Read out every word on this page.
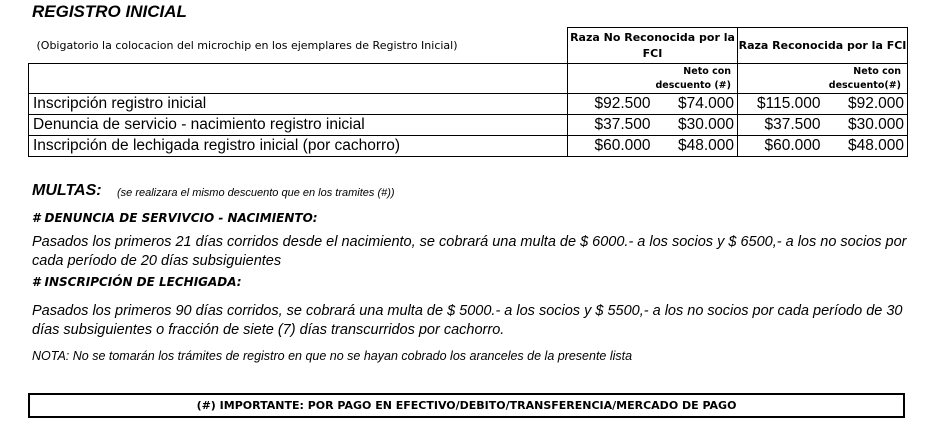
REGISTRO INICIAL
(Obigatorio la colocacion del microchip en los ejemplares de Registro Inicial)	Raza No Reconocida por la FCI		Raza Reconocida por la FCI	
		Neto con descuento (#)		Neto con descuento(#)
Inscripción registro inicial	$92.500	$74.000	$115.000	$92.000
Denuncia de servicio - nacimiento registro inicial	$37.500	$30.000	$37.500	$30.000
Inscripción de lechigada registro inicial (por cachorro)	$60.000	$48.000	$60.000	$48.000
MULTAS: (se realizara el mismo descuento que en los tramites (#))
# DENUNCIA DE SERVIVCIO - NACIMIENTO:
Pasados los primeros 21 días corridos desde el nacimiento, se cobrará una multa de $ 6000.- a los socios y $ 6500,- a los no socios por cada período de 20 días subsiguientes
# INSCRIPCIÓN DE LECHIGADA:
Pasados los primeros 90 días corridos, se cobrará una multa de $ 5000.- a los socios y $ 5500,- a los no socios por cada período de 30 días subsiguientes o fracción de siete (7) días transcurridos por cachorro.
NOTA: No se tomarán los trámites de registro en que no se hayan cobrado los aranceles de la presente lista
(#) IMPORTANTE: POR PAGO EN EFECTIVO/DEBITO/TRANSFERENCIA/MERCADO DE PAGO
